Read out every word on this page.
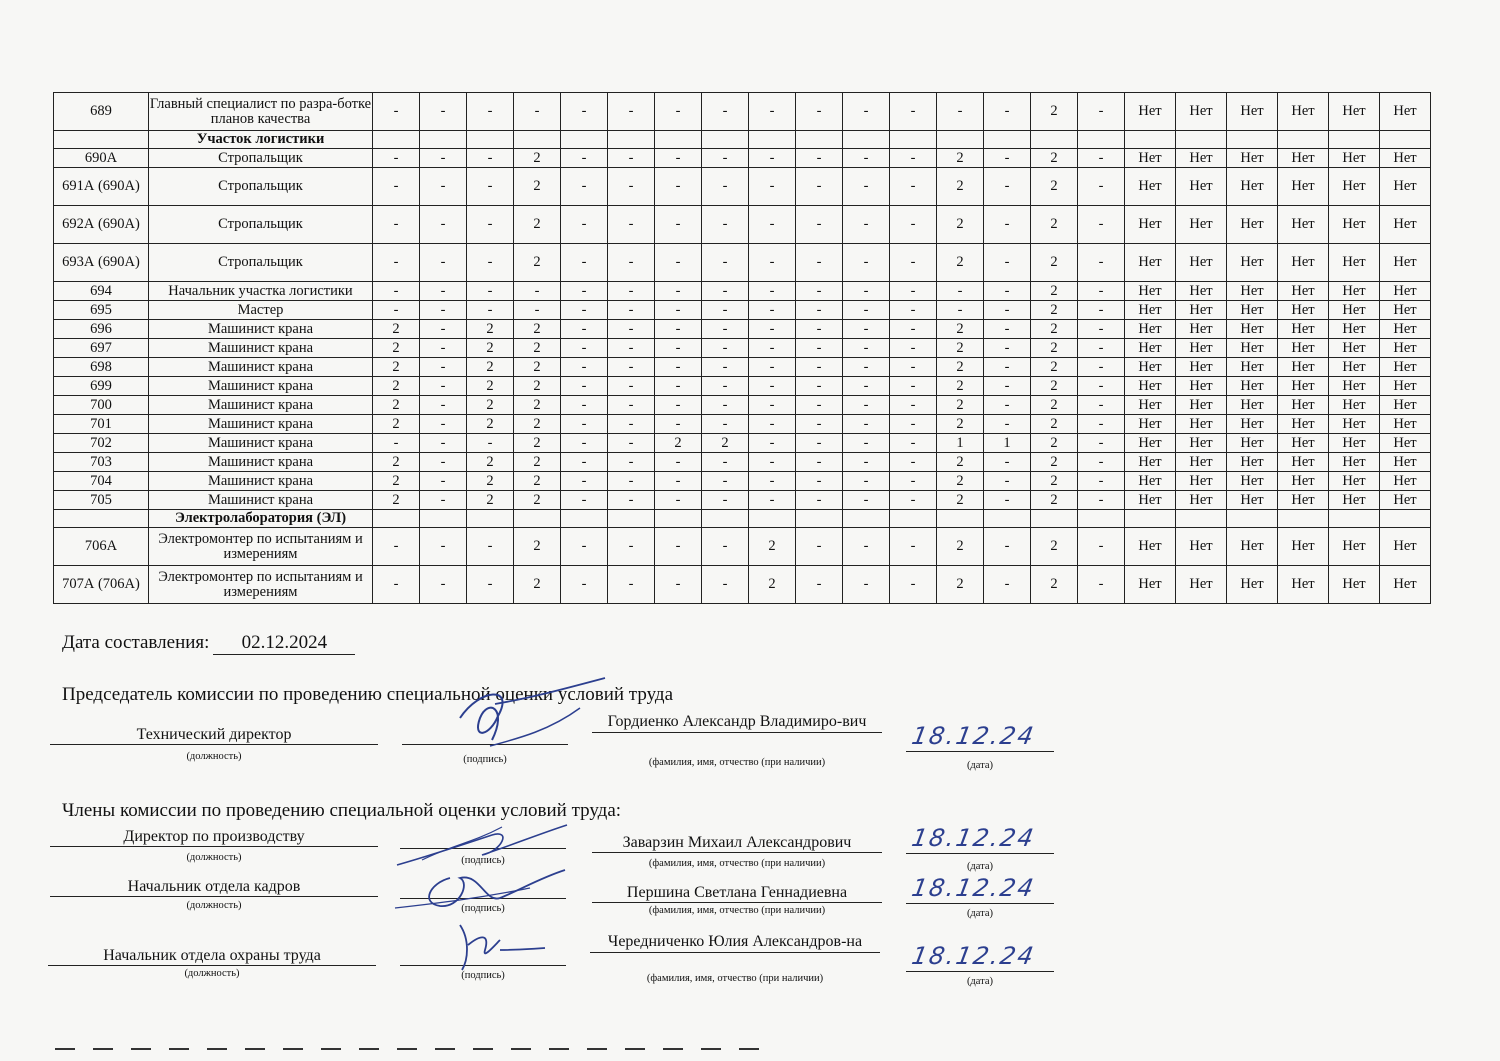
689	Главный специалист по разра-ботке планов качества	-	-	-	-	-	-	-	-	-	-	-	-	-	-	2	-	Нет	Нет	Нет	Нет	Нет	Нет
	Участок логистики																						
690А	Стропальщик	-	-	-	2	-	-	-	-	-	-	-	-	2	-	2	-	Нет	Нет	Нет	Нет	Нет	Нет
691А (690А)	Стропальщик	-	-	-	2	-	-	-	-	-	-	-	-	2	-	2	-	Нет	Нет	Нет	Нет	Нет	Нет
692А (690А)	Стропальщик	-	-	-	2	-	-	-	-	-	-	-	-	2	-	2	-	Нет	Нет	Нет	Нет	Нет	Нет
693А (690А)	Стропальщик	-	-	-	2	-	-	-	-	-	-	-	-	2	-	2	-	Нет	Нет	Нет	Нет	Нет	Нет
694	Начальник участка логистики	-	-	-	-	-	-	-	-	-	-	-	-	-	-	2	-	Нет	Нет	Нет	Нет	Нет	Нет
695	Мастер	-	-	-	-	-	-	-	-	-	-	-	-	-	-	2	-	Нет	Нет	Нет	Нет	Нет	Нет
696	Машинист крана	2	-	2	2	-	-	-	-	-	-	-	-	2	-	2	-	Нет	Нет	Нет	Нет	Нет	Нет
697	Машинист крана	2	-	2	2	-	-	-	-	-	-	-	-	2	-	2	-	Нет	Нет	Нет	Нет	Нет	Нет
698	Машинист крана	2	-	2	2	-	-	-	-	-	-	-	-	2	-	2	-	Нет	Нет	Нет	Нет	Нет	Нет
699	Машинист крана	2	-	2	2	-	-	-	-	-	-	-	-	2	-	2	-	Нет	Нет	Нет	Нет	Нет	Нет
700	Машинист крана	2	-	2	2	-	-	-	-	-	-	-	-	2	-	2	-	Нет	Нет	Нет	Нет	Нет	Нет
701	Машинист крана	2	-	2	2	-	-	-	-	-	-	-	-	2	-	2	-	Нет	Нет	Нет	Нет	Нет	Нет
702	Машинист крана	-	-	-	2	-	-	2	2	-	-	-	-	1	1	2	-	Нет	Нет	Нет	Нет	Нет	Нет
703	Машинист крана	2	-	2	2	-	-	-	-	-	-	-	-	2	-	2	-	Нет	Нет	Нет	Нет	Нет	Нет
704	Машинист крана	2	-	2	2	-	-	-	-	-	-	-	-	2	-	2	-	Нет	Нет	Нет	Нет	Нет	Нет
705	Машинист крана	2	-	2	2	-	-	-	-	-	-	-	-	2	-	2	-	Нет	Нет	Нет	Нет	Нет	Нет
	Электролаборатория (ЭЛ)																						
706А	Электромонтер по испытаниям и измерениям	-	-	-	2	-	-	-	-	2	-	-	-	2	-	2	-	Нет	Нет	Нет	Нет	Нет	Нет
707А (706А)	Электромонтер по испытаниям и измерениям	-	-	-	2	-	-	-	-	2	-	-	-	2	-	2	-	Нет	Нет	Нет	Нет	Нет	Нет
Дата составления: 02.12.2024
Председатель комиссии по проведению специальной оценки условий труда
Технический директор
Гордиенко Александр Владимиро-вич
18.12.24
(должность)	(подпись)	(фамилия, имя, отчество (при наличии)	(дата)
Члены комиссии по проведению специальной оценки условий труда:
Директор по производству	Заварзин Михаил Александрович	18.12.24
(должность)	(подпись)	(фамилия, имя, отчество (при наличии)	(дата)
Начальник отдела кадров	Першина Светлана Геннадиевна	18.12.24
(должность)	(подпись)	(фамилия, имя, отчество (при наличии)	(дата)
Начальник отдела охраны труда
Чередниченко Юлия Александров-на
18.12.24
(должность)	(подпись)	(фамилия, имя, отчество (при наличии)	(дата)
